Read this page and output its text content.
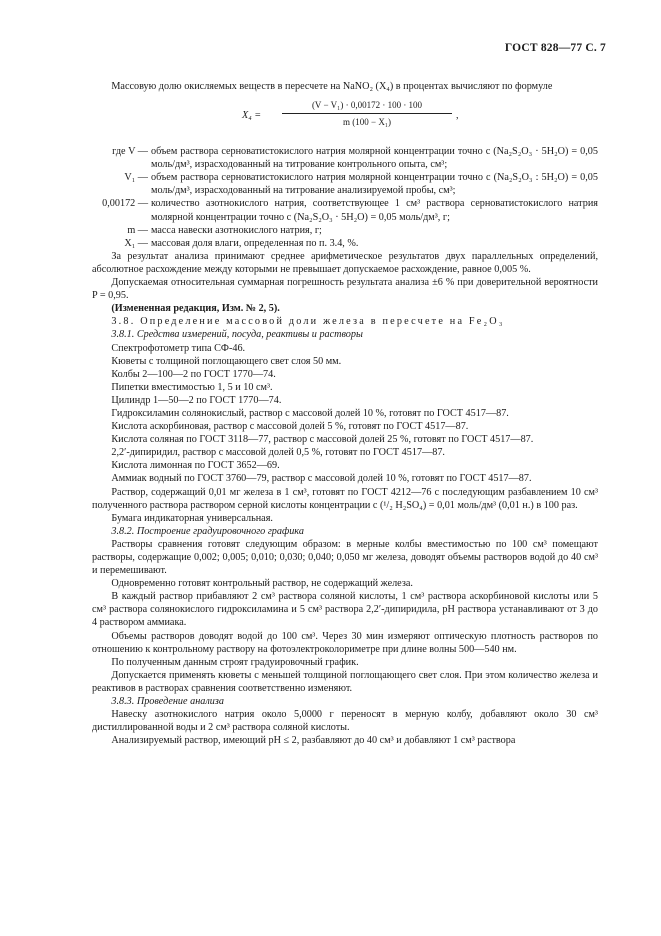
ГОСТ 828—77 С. 7

Массовую долю окисляемых веществ в пересчете на NaNO₂ (X₄) в процентах вычисляют по формуле

X₄ =
(V − V₁) · 0,00172 · 100 · 100
m (100 − X₁)
,
где V — объем раствора серноватистокислого натрия молярной концентрации точно c (Na₂S₂O₃ · 5H₂O) = 0,05 моль/дм³, израсходованный на титрование контрольного опыта, см³;
V₁ — объем раствора серноватистокислого натрия молярной концентрации точно c (Na₂S₂O₃ : 5H₂O) = 0,05 моль/дм³, израсходованный на титрование анализируемой пробы, см³;
0,00172 — количество азотнокислого натрия, соответствующее 1 см³ раствора серноватистокислого натрия молярной концентрации точно c (Na₂S₂O₃ · 5H₂O) = 0,05 моль/дм³, г;
m — масса навески азотнокислого натрия, г;
X₁ — массовая доля влаги, определенная по п. 3.4, %.

За результат анализа принимают среднее арифметическое результатов двух параллельных определений, абсолютное расхождение между которыми не превышает допускаемое расхождение, равное 0,005 %.

Допускаемая относительная суммарная погрешность результата анализа ±6 % при доверительной вероятности P = 0,95.

(Измененная редакция, Изм. № 2, 5).

3.8. Определение массовой доли железа в пересчете на Fe₂O₃

3.8.1. Средства измерений, посуда, реактивы и растворы

Спектрофотометр типа СФ-46.

Кюветы с толщиной поглощающего свет слоя 50 мм.

Колбы 2—100—2 по ГОСТ 1770—74.

Пипетки вместимостью 1, 5 и 10 см³.

Цилиндр 1—50—2 по ГОСТ 1770—74.

Гидроксиламин солянокислый, раствор с массовой долей 10 %, готовят по ГОСТ 4517—87.

Кислота аскорбиновая, раствор с массовой долей 5 %, готовят по ГОСТ 4517—87.

Кислота соляная по ГОСТ 3118—77, раствор с массовой долей 25 %, готовят по ГОСТ 4517—87.

2,2′-дипиридил, раствор с массовой долей 0,5 %, готовят по ГОСТ 4517—87.

Кислота лимонная по ГОСТ 3652—69.

Аммиак водный по ГОСТ 3760—79, раствор с массовой долей 10 %, готовят по ГОСТ 4517—87.

Раствор, содержащий 0,01 мг железа в 1 см³, готовят по ГОСТ 4212—76 с последующим разбавлением 10 см³ полученного раствора раствором серной кислоты концентрации c (¹/₂ H₂SO₄) = 0,01 моль/дм³ (0,01 н.) в 100 раз.

Бумага индикаторная универсальная.

3.8.2. Построение градуировочного графика

Растворы сравнения готовят следующим образом: в мерные колбы вместимостью по 100 см³ помещают растворы, содержащие 0,002; 0,005; 0,010; 0,030; 0,040; 0,050 мг железа, доводят объемы растворов водой до 40 см³ и перемешивают.

Одновременно готовят контрольный раствор, не содержащий железа.

В каждый раствор прибавляют 2 см³ раствора соляной кислоты, 1 см³ раствора аскорбиновой кислоты или 5 см³ раствора солянокислого гидроксиламина и 5 см³ раствора 2,2′-дипиридила, pH раствора устанавливают от 3 до 4 раствором аммиака.

Объемы растворов доводят водой до 100 см³. Через 30 мин измеряют оптическую плотность растворов по отношению к контрольному раствору на фотоэлектроколориметре при длине волны 500—540 нм.

По полученным данным строят градуировочный график.

Допускается применять кюветы с меньшей толщиной поглощающего свет слоя. При этом количество железа и реактивов в растворах сравнения соответственно изменяют.

3.8.3. Проведение анализа

Навеску азотнокислого натрия около 5,0000 г переносят в мерную колбу, добавляют около 30 см³ дистиллированной воды и 2 см³ раствора соляной кислоты.

Анализируемый раствор, имеющий pH ≤ 2, разбавляют до 40 см³ и добавляют 1 см³ раствора
